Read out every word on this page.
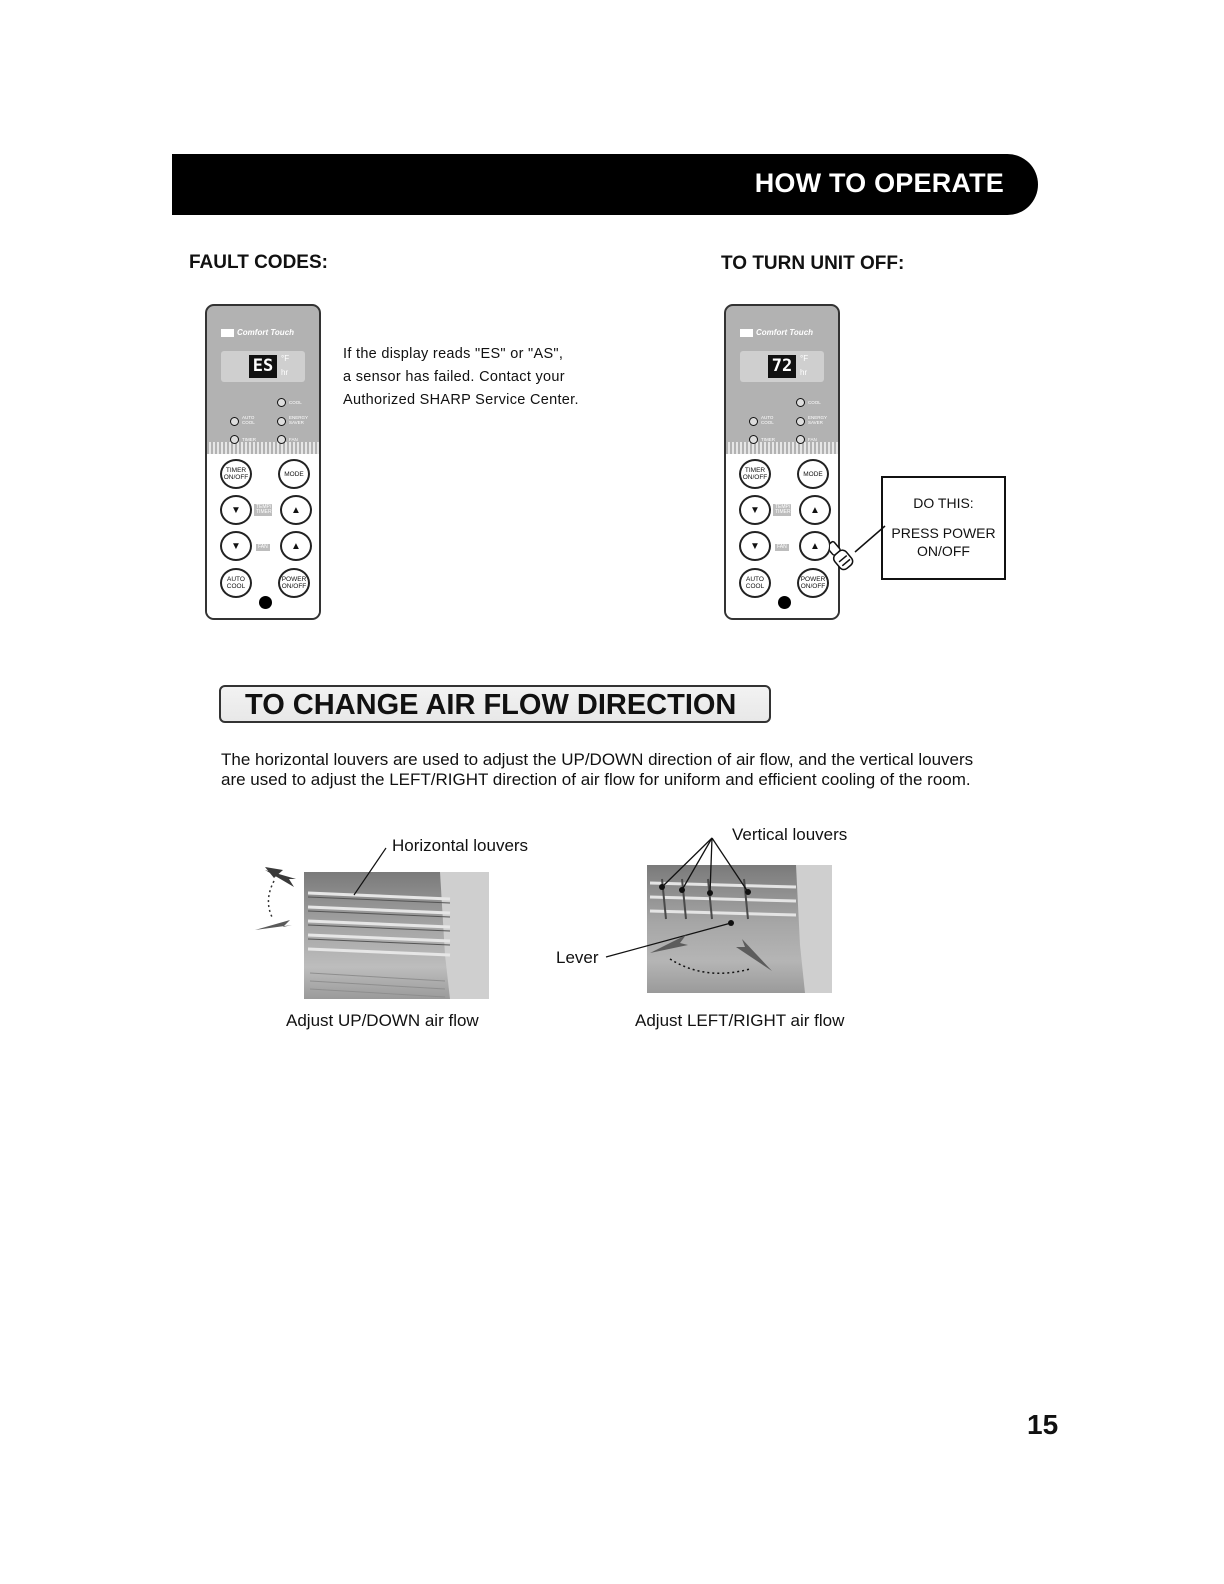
HOW TO OPERATE
FAULT CODES:	TO TURN UNIT OFF:
Comfort Touch
ES °F
hr
COOL
AUTO COOL
ENERGY SAVER
TIMER	FAN
TIMER ON/OFF	MODE
▼	TEMP/ TIMER ▲
▼	FAN ▲
AUTO COOL
POWER ON/OFF
If the display reads "ES" or "AS",
a sensor has failed. Contact your
Authorized SHARP Service Center.
Comfort Touch
72 °F
hr
COOL
AUTO COOL
ENERGY SAVER
TIMER	FAN
TIMER ON/OFF	MODE
▼	TEMP/ TIMER ▲
▼	FAN ▲
AUTO COOL
POWER ON/OFF
DO THIS:
PRESS POWER
ON/OFF
TO CHANGE AIR FLOW DIRECTION
The horizontal louvers are used to adjust the UP/DOWN direction of air flow, and the vertical louvers are used to adjust the LEFT/RIGHT direction of air flow for uniform and efficient cooling of the room.
Horizontal louvers
Adjust UP/DOWN air flow
Vertical louvers
Lever
Adjust LEFT/RIGHT air flow
15
